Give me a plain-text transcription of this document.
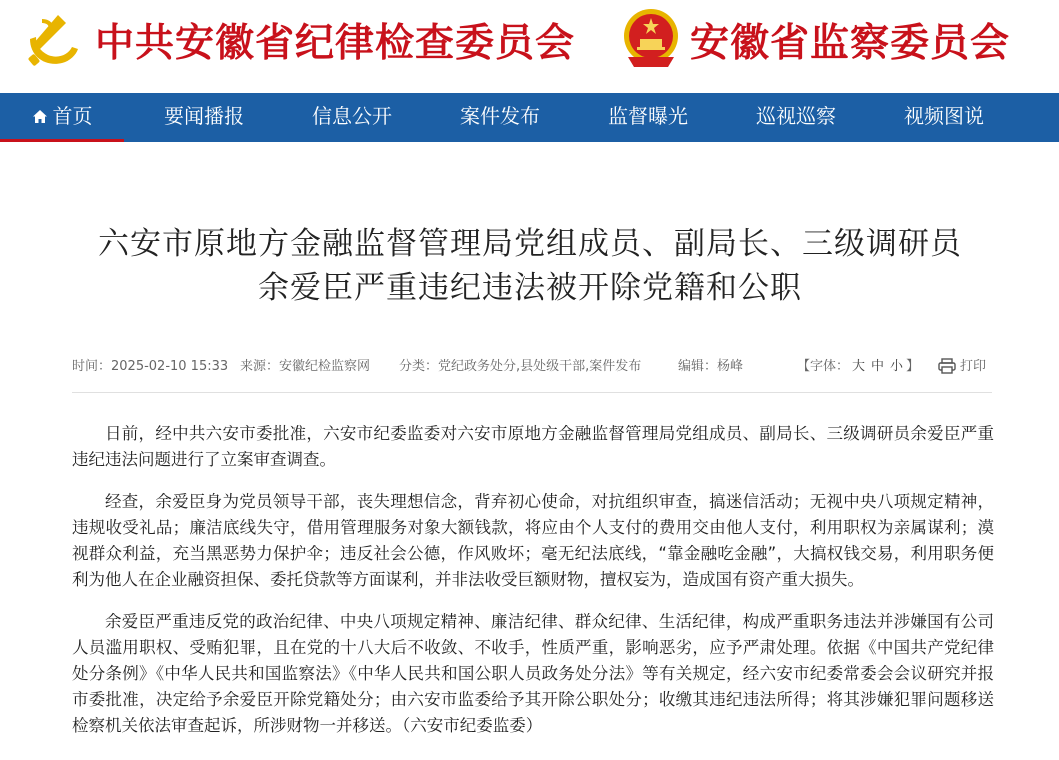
中共安徽省纪律检查委员会	安徽省监察委员会
首页	要闻播报	信息公开	案件发布	监督曝光	巡视巡察	视频图说
六安市原地方金融监督管理局党组成员、副局长、三级调研员
余爱臣严重违纪违法被开除党籍和公职
时间：2025-02-10 15:33 来源：安徽纪检监察网 分类：党纪政务处分,县处级干部,案件发布	编辑：杨峰	【字体： 大 中 小 】	打印

日前，经中共六安市委批准，六安市纪委监委对六安市原地方金融监督管理局党组成员、副局长、三级调研员余爱臣严重违纪违法问题进行了立案审查调查。

经查，余爱臣身为党员领导干部，丧失理想信念，背弃初心使命，对抗组织审查，搞迷信活动；无视中央八项规定精神，违规收受礼品；廉洁底线失守，借用管理服务对象大额钱款，将应由个人支付的费用交由他人支付，利用职权为亲属谋利；漠视群众利益，充当黑恶势力保护伞；违反社会公德，作风败坏；毫无纪法底线，“靠金融吃金融”，大搞权钱交易，利用职务便利为他人在企业融资担保、委托贷款等方面谋利，并非法收受巨额财物，擅权妄为，造成国有资产重大损失。

余爱臣严重违反党的政治纪律、中央八项规定精神、廉洁纪律、群众纪律、生活纪律，构成严重职务违法并涉嫌国有公司人员滥用职权、受贿犯罪，且在党的十八大后不收敛、不收手，性质严重，影响恶劣，应予严肃处理。依据《中国共产党纪律处分条例》《中华人民共和国监察法》《中华人民共和国公职人员政务处分法》等有关规定，经六安市纪委常委会会议研究并报市委批准，决定给予余爱臣开除党籍处分；由六安市监委给予其开除公职处分；收缴其违纪违法所得；将其涉嫌犯罪问题移送检察机关依法审查起诉，所涉财物一并移送。（六安市纪委监委）
